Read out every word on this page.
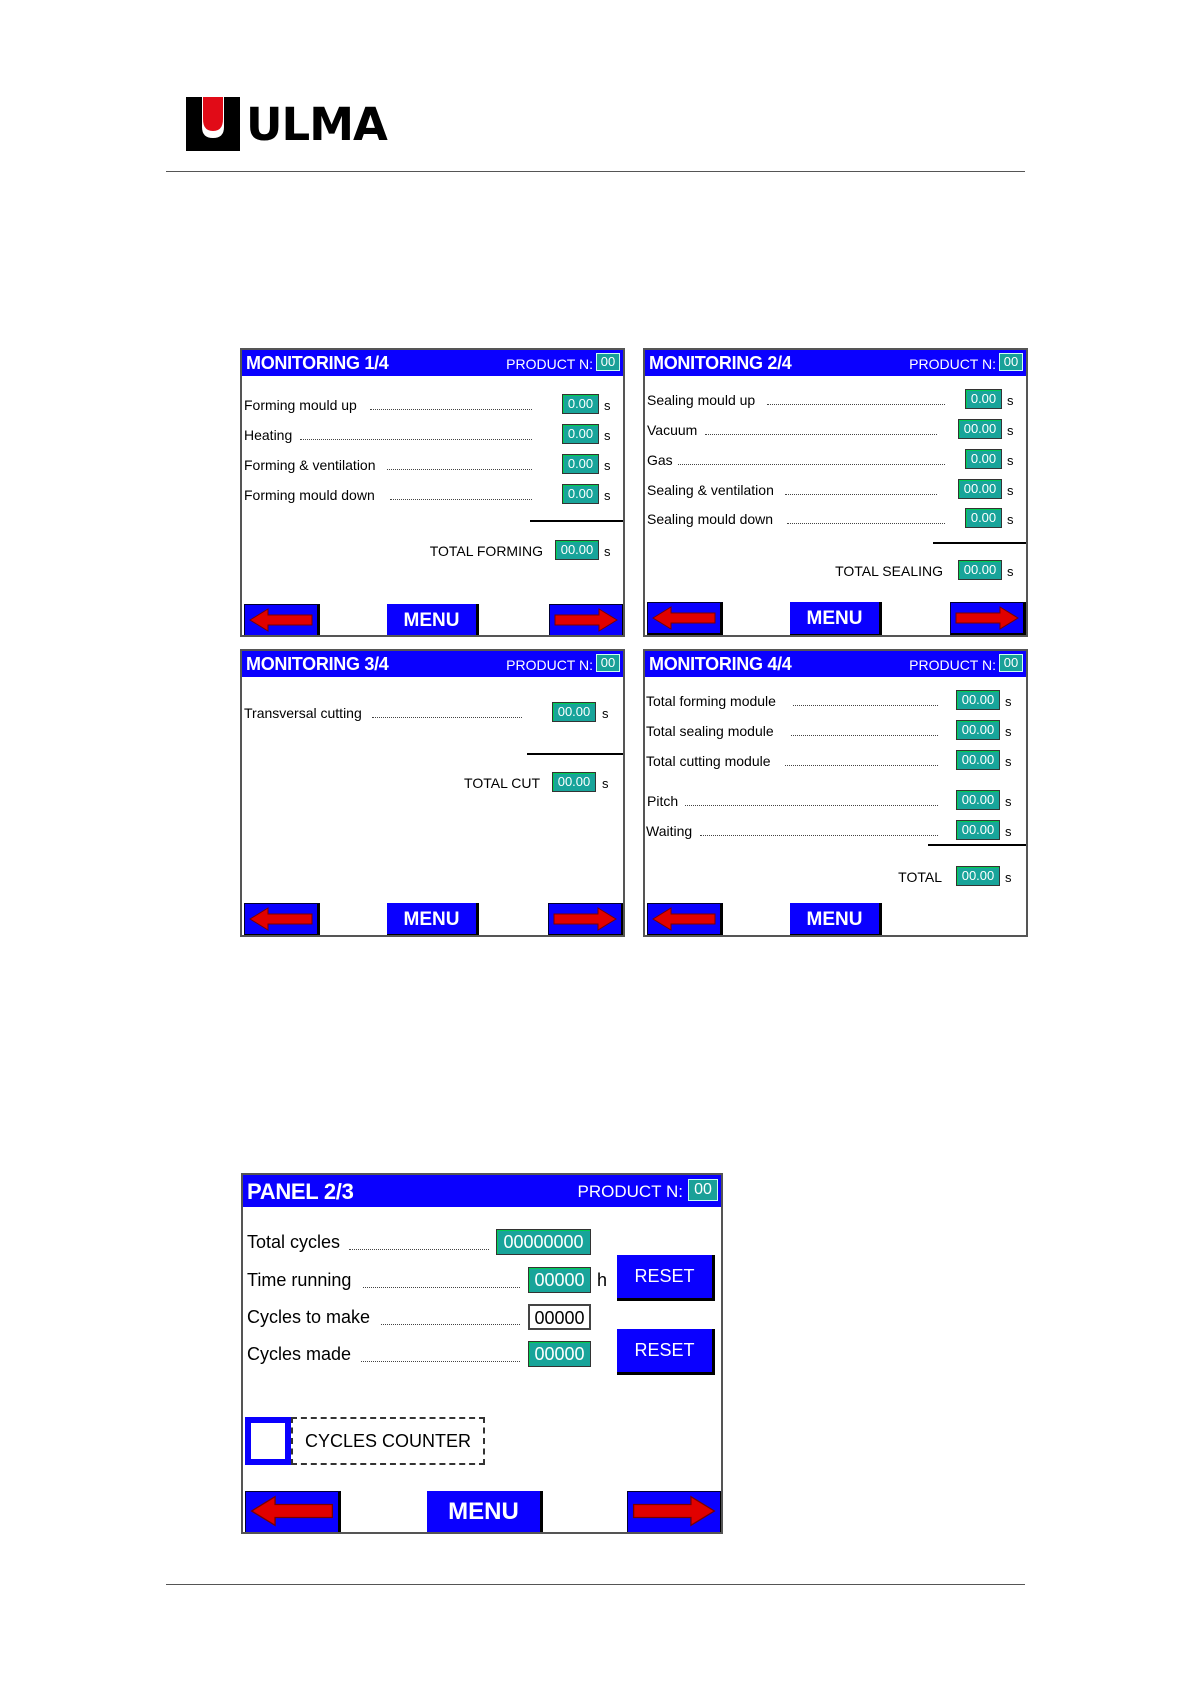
ULMA
MONITORING 1/4	PRODUCT N: 00
Forming mould up	0.00 s
Heating	0.00 s
Forming & ventilation	0.00 s
Forming mould down	0.00 s
TOTAL FORMING	00.00 s
MENU
MONITORING 2/4	PRODUCT N: 00
Sealing mould up	0.00 s
Vacuum	00.00 s
Gas	0.00 s
Sealing & ventilation	00.00 s
Sealing mould down	0.00 s
TOTAL SEALING	00.00 s
MENU
MONITORING 3/4	PRODUCT N: 00
Transversal cutting	00.00 s
TOTAL CUT	00.00 s
MENU
MONITORING 4/4	PRODUCT N: 00
Total forming module	00.00 s
Total sealing module	00.00 s
Total cutting module	00.00 s
Pitch	00.00 s
Waiting	00.00 s
TOTAL	00.00 s
MENU
PANEL 2/3	PRODUCT N: 00
Total cycles	00000000
Time running	00000 h	RESET
Cycles to make	00000
Cycles made	00000	RESET
CYCLES COUNTER
MENU
